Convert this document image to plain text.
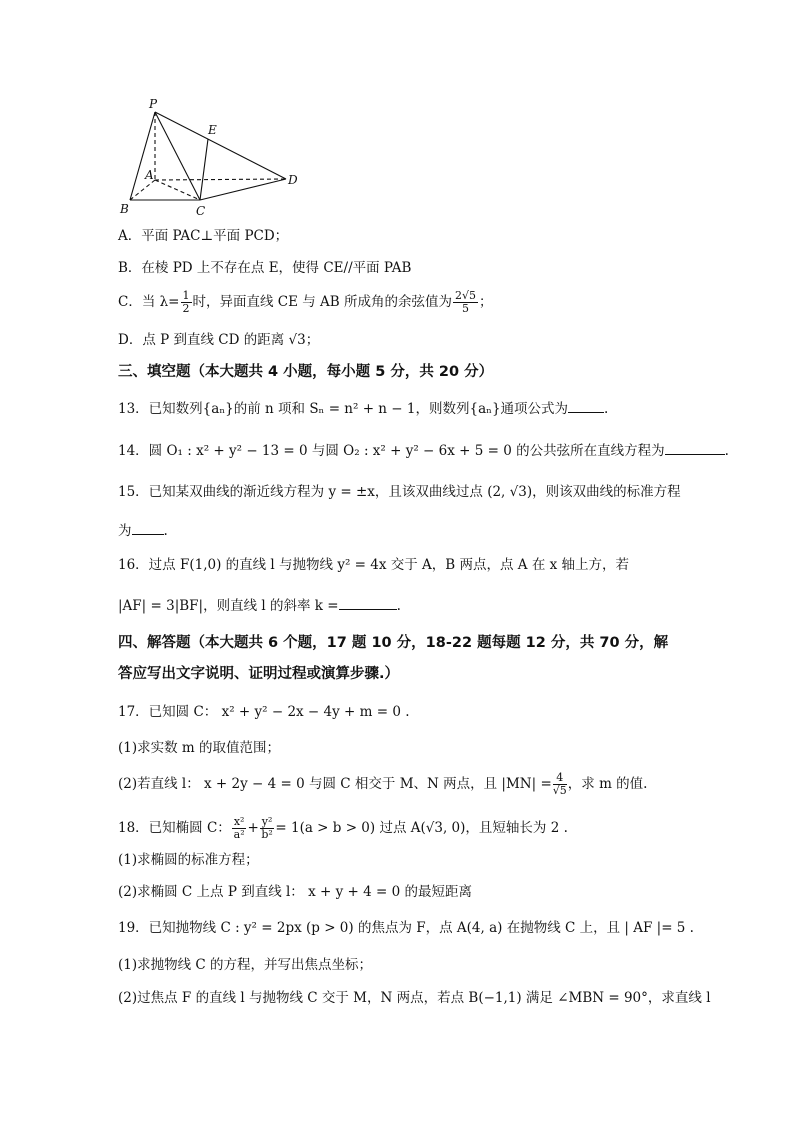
P
E
A	D
B	C
A．平面 PAC⊥平面 PCD；
B．在棱 PD 上不存在点 E，使得 CE//平面 PAB
C．当 $\lambda= \frac{1}{2}$ 时，异面直线 CE 与 AB 所成角的余弦值为 $\frac{2√5}{5}$ ；
D．点 P 到直线 CD 的距离 √3；
三、填空题（本大题共 4 小题，每小题 5 分，共 20 分）
13．已知数列{aₙ}的前 n 项和 Sₙ = n² + n − 1，则数列{aₙ}通项公式为	.
14．圆 O₁ : x² + y² − 13 = 0 与圆 O₂ : x² + y² − 6x + 5 = 0 的公共弦所在直线方程为	.
15．已知某双曲线的渐近线方程为 y = ±x，且该双曲线过点 (2, √3)，则该双曲线的标准方程
为 .
16．过点 F(1,0) 的直线 l 与抛物线 y² = 4x 交于 A，B 两点，点 A 在 x 轴上方，若
|AF| = 3|BF|，则直线 l 的斜率 k =	.
四、解答题（本大题共 6 个题，17 题 10 分，18-22 题每题 12 分，共 70 分，解
答应写出文字说明、证明过程或演算步骤.）
17．已知圆 C： x² + y² − 2x − 4y + m = 0 .
(1)求实数 m 的取值范围；
(2)若直线 l： x + 2y − 4 = 0 与圆 C 相交于 M、N 两点，且 $|MN| = \frac{4}{√5}$ ，求 m 的值.
18．已知椭圆 C： $\frac{\text{x²}}{\text{a²}} + \frac{\text{y²}}{\text{b²}} = 1(a > b > 0)$ 过点 A(√3, 0)，且短轴长为 2 .
(1)求椭圆的标准方程；
(2)求椭圆 C 上点 P 到直线 l： x + y + 4 = 0 的最短距离
19．已知抛物线 C : y² = 2px (p > 0) 的焦点为 F，点 A(4, a) 在抛物线 C 上，且 | AF |= 5 .
(1)求抛物线 C 的方程，并写出焦点坐标；
(2)过焦点 F 的直线 l 与抛物线 C 交于 M，N 两点，若点 B(−1,1) 满足 ∠MBN = 90°，求直线 l
